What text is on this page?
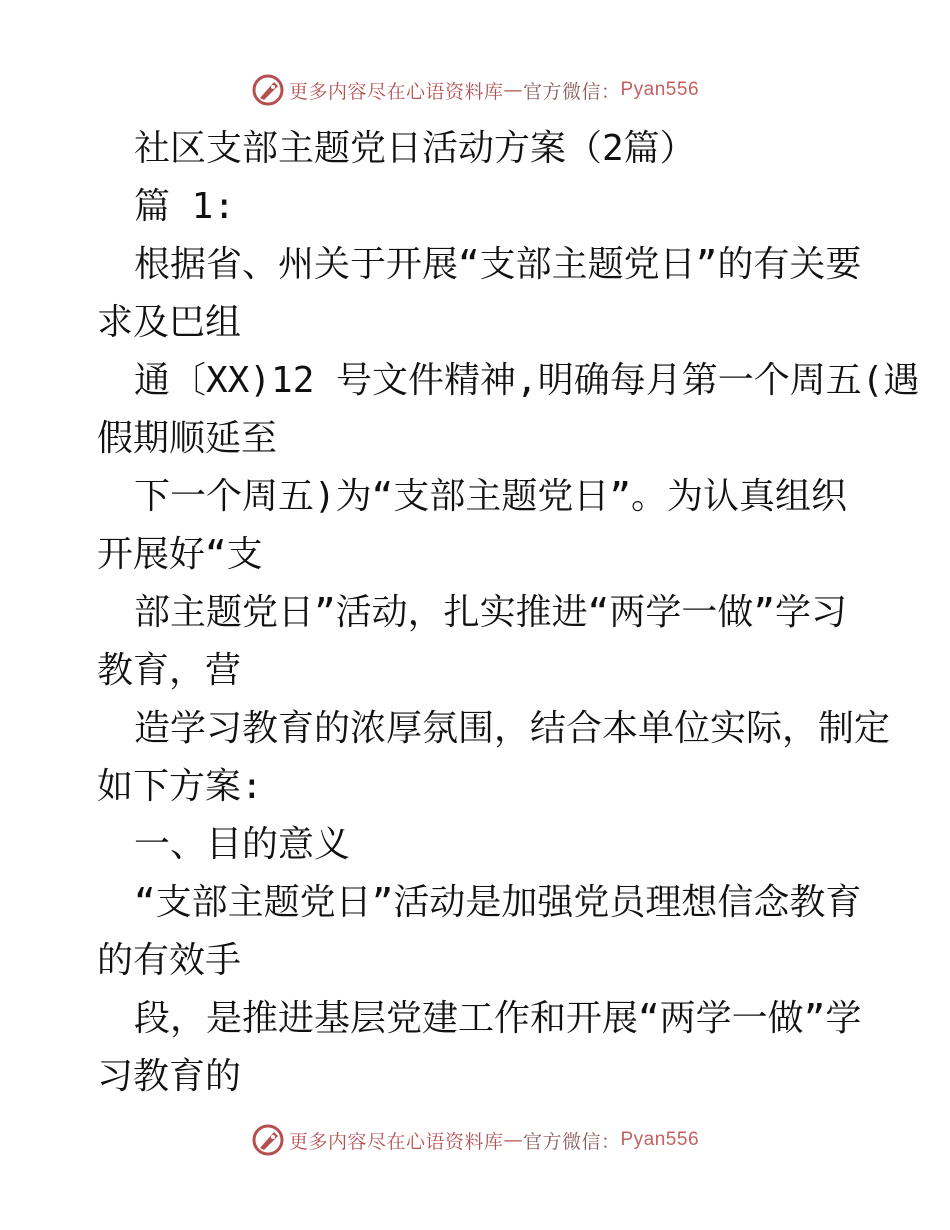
更多内容尽在心语资料库 — 官方微信： Pyan556
社区支部主题党日活动方案（2篇）
篇 1:
根据省、州关于开展“支部主题党日”的有关要
求及巴组
通〔XX)12 号文件精神,明确每月第一个周五(遇
假期顺延至
下一个周五)为“支部主题党日”。为认真组织
开展好“支
部主题党日”活动，扎实推进“两学一做”学习
教育，营
造学习教育的浓厚氛围，结合本单位实际，制定
如下方案:
一、目的意义
“支部主题党日”活动是加强党员理想信念教育
的有效手
段，是推进基层党建工作和开展“两学一做”学
习教育的
更多内容尽在心语资料库 — 官方微信： Pyan556
